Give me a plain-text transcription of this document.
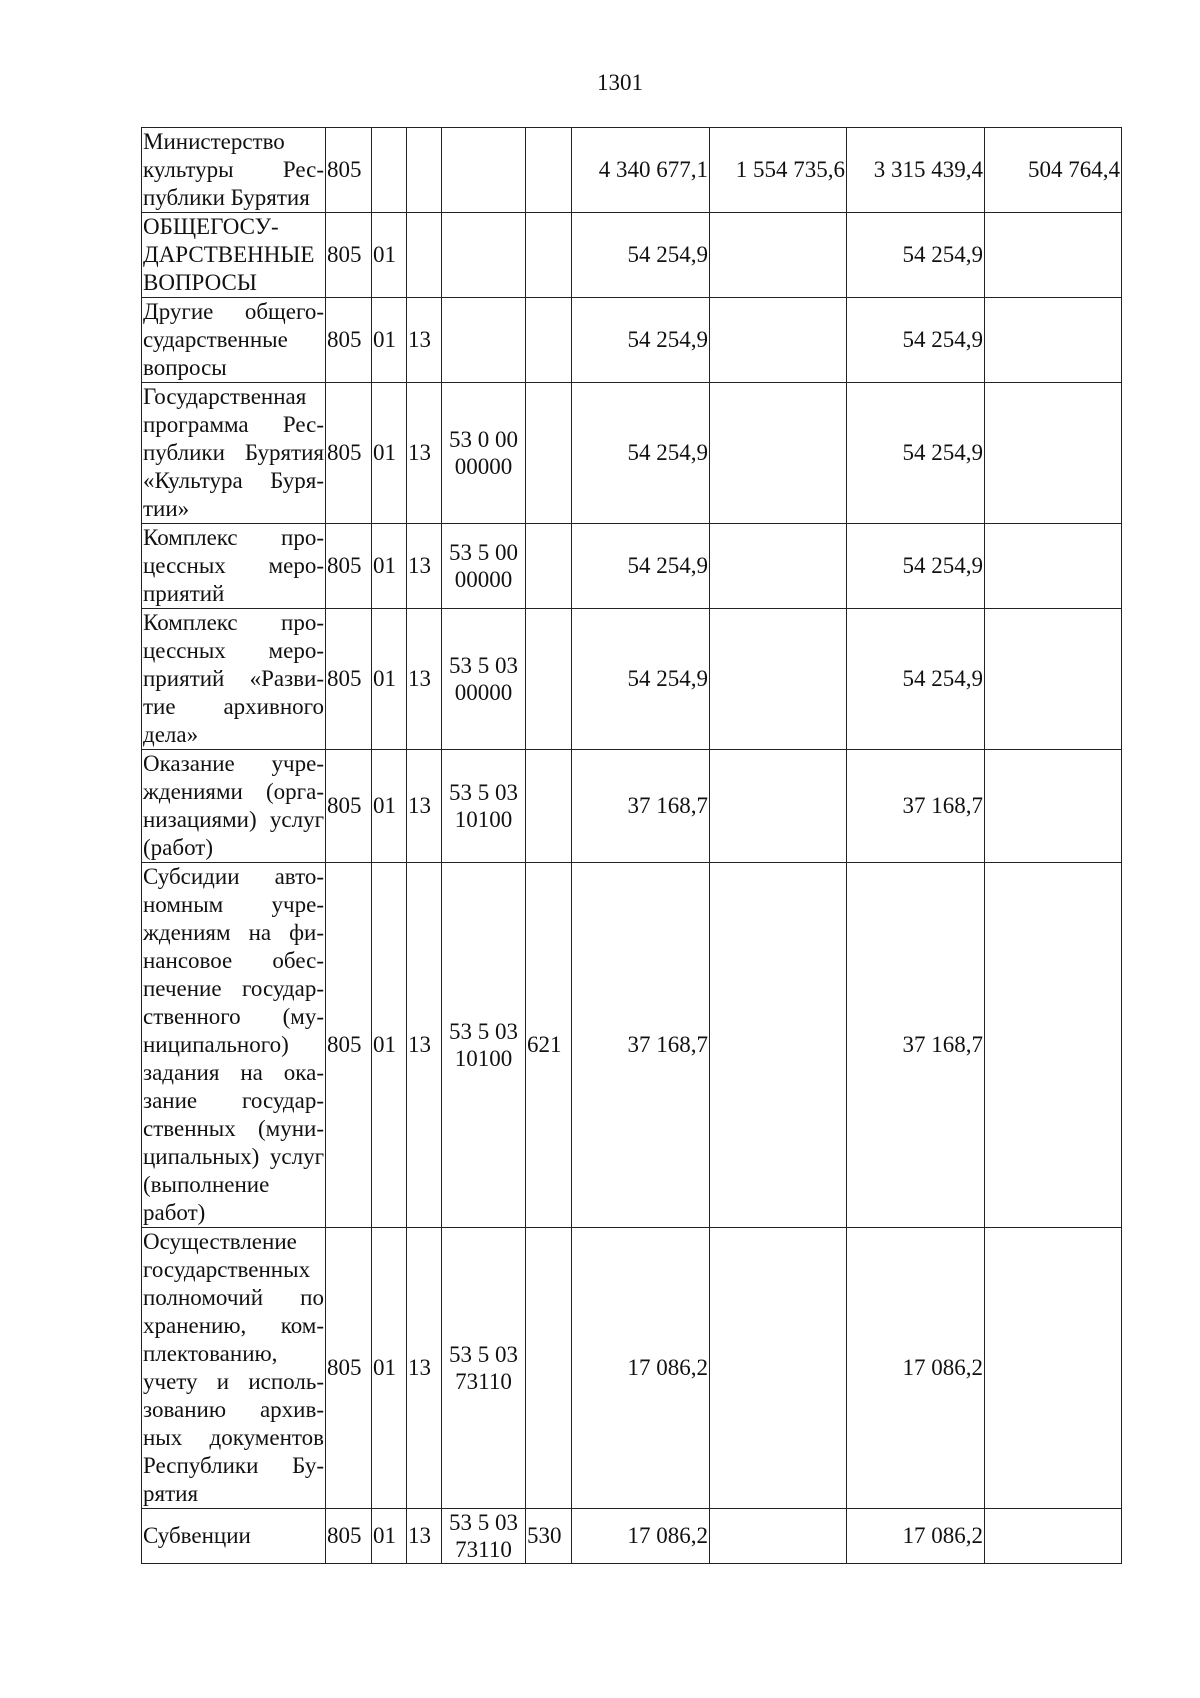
1301
Министерство культуры Республики Бурятия	805					4 340 677,1	1 554 735,6	3 315 439,4	504 764,4

ОБЩЕГОСУДАРСТВЕННЫЕ ВОПРОСЫ	805	01				54 254,9		54 254,9	

Другие общегосударственные вопросы	805	01	13			54 254,9		54 254,9	

Государственная программа Республики Бурятия «Культура Бурятии»	805	01	13	53 0 00 00000		54 254,9		54 254,9	

Комплекс процессных мероприятий	805	01	13	53 5 00 00000		54 254,9		54 254,9	

Комплекс процессных мероприятий «Развитие архивного дела»	805	01	13	53 5 03 00000		54 254,9		54 254,9	

Оказание учреждениями (организациями) услуг (работ)	805	01	13	53 5 03 10100		37 168,7		37 168,7	

Субсидии автономным учреждениям на финансовое обеспечение государственного (муниципального) задания на оказание государственных (муниципальных) услуг (выполнение работ)	805	01	13	53 5 03 10100	621	37 168,7		37 168,7	

Осуществление государственных полномочий по хранению, комплектованию, учету и использованию архивных документов Республики Бурятия	805	01	13	53 5 03 73110		17 086,2		17 086,2	

Субвенции	805	01	13	53 5 03 73110	530	17 086,2		17 086,2	
